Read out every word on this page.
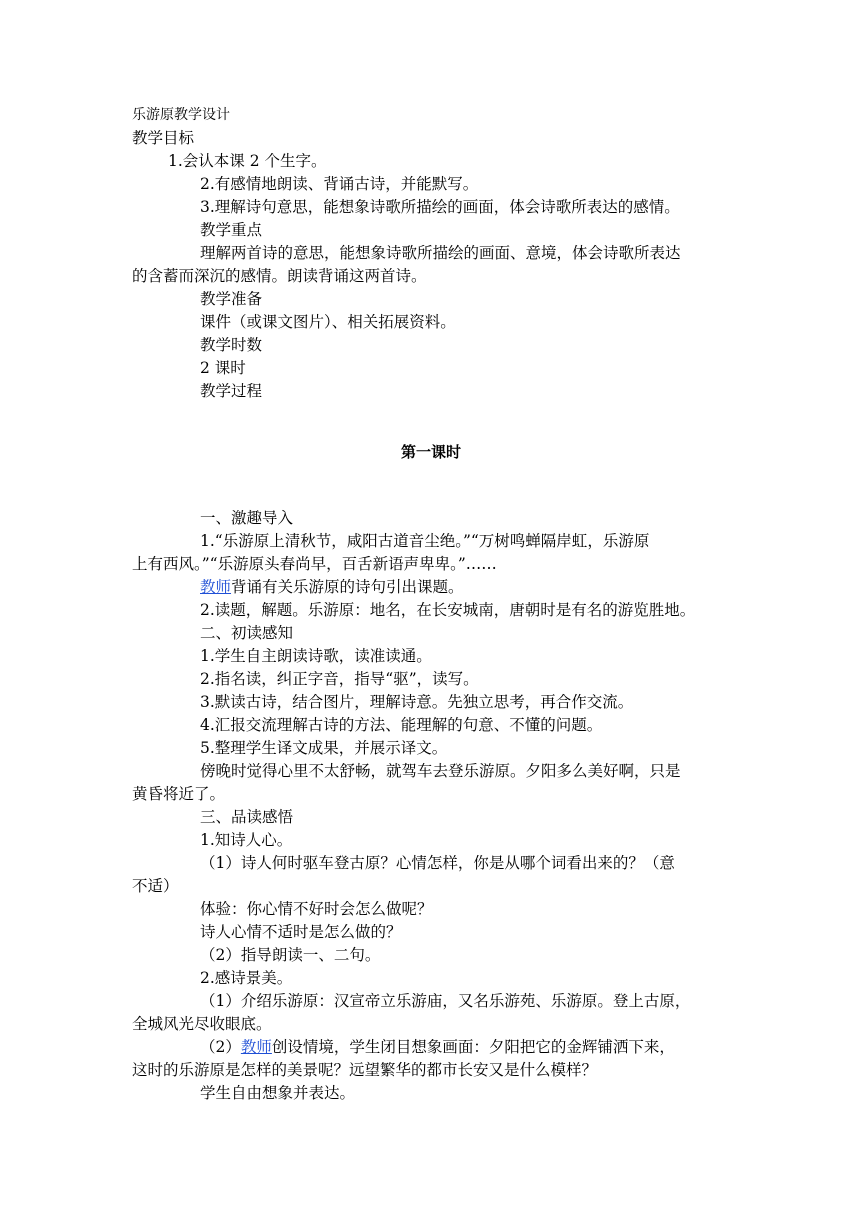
乐游原教学设计
教学目标
1.会认本课 2 个生字。
2.有感情地朗读、背诵古诗，并能默写。
3.理解诗句意思，能想象诗歌所描绘的画面，体会诗歌所表达的感情。
教学重点
理解两首诗的意思，能想象诗歌所描绘的画面、意境，体会诗歌所表达
的含蓄而深沉的感情。朗读背诵这两首诗。
教学准备
课件（或课文图片）、相关拓展资料。
教学时数
2 课时
教学过程
第一课时
一、激趣导入
1.“乐游原上清秋节，咸阳古道音尘绝。”“万树鸣蝉隔岸虹，乐游原
上有西风。”“乐游原头春尚早，百舌新语声卑卑。”……
教师背诵有关乐游原的诗句引出课题。
2.读题，解题。乐游原：地名，在长安城南，唐朝时是有名的游览胜地。
二、初读感知
1.学生自主朗读诗歌，读准读通。
2.指名读，纠正字音，指导“驱”，读写。
3.默读古诗，结合图片，理解诗意。先独立思考，再合作交流。
4.汇报交流理解古诗的方法、能理解的句意、不懂的问题。
5.整理学生译文成果，并展示译文。
傍晚时觉得心里不太舒畅，就驾车去登乐游原。夕阳多么美好啊，只是
黄昏将近了。
三、品读感悟
1.知诗人心。
（1）诗人何时驱车登古原？心情怎样，你是从哪个词看出来的？（意
不适）
体验：你心情不好时会怎么做呢？
诗人心情不适时是怎么做的？
（2）指导朗读一、二句。
2.感诗景美。
（1）介绍乐游原：汉宣帝立乐游庙，又名乐游苑、乐游原。登上古原，
全城风光尽收眼底。
（2）教师创设情境，学生闭目想象画面：夕阳把它的金辉铺洒下来，
这时的乐游原是怎样的美景呢？远望繁华的都市长安又是什么模样？
学生自由想象并表达。
